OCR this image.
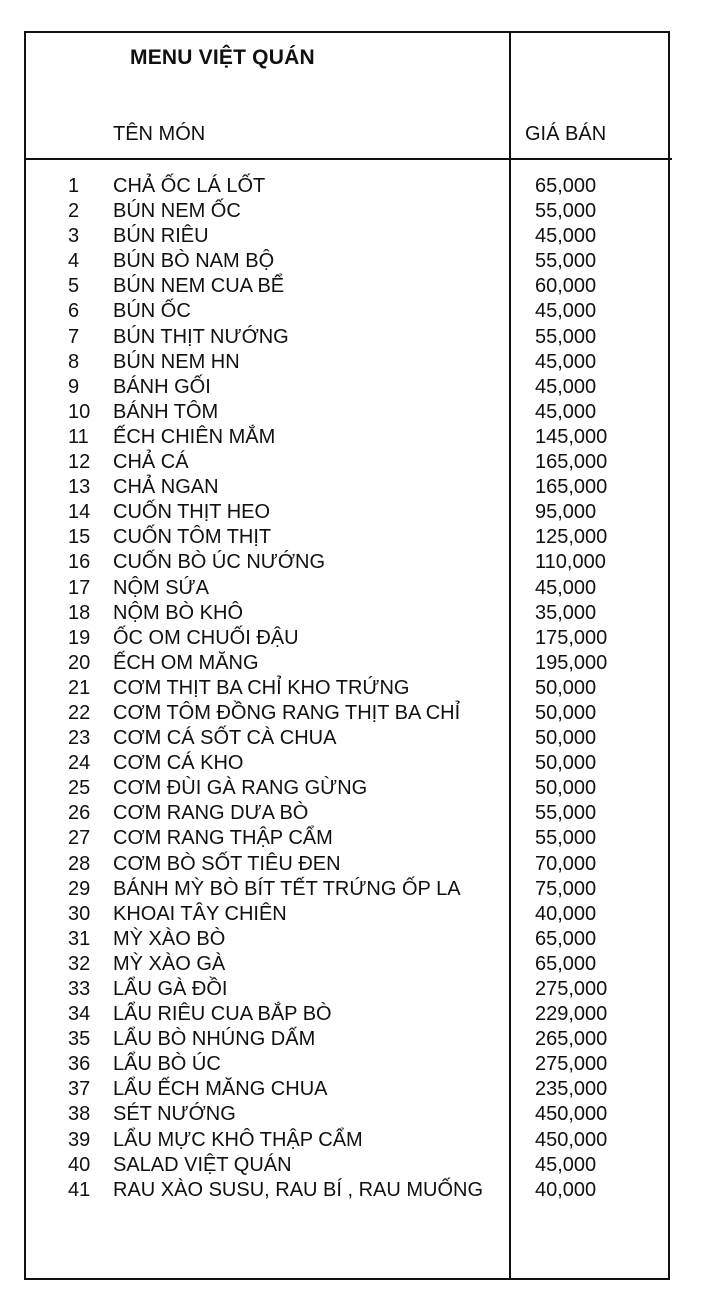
MENU VIỆT QUÁN
TÊN MÓN	GIÁ BÁN
1 CHẢ ỐC LÁ LỐT	65,000
2 BÚN NEM ỐC	55,000
3 BÚN RIÊU	45,000
4 BÚN BÒ NAM BỘ	55,000
5 BÚN NEM CUA BỂ	60,000
6 BÚN ỐC	45,000
7 BÚN THỊT NƯỚNG	55,000
8 BÚN NEM HN	45,000
9 BÁNH GỐI	45,000
10 BÁNH TÔM	45,000
11 ẾCH CHIÊN MẮM	145,000
12 CHẢ CÁ	165,000
13 CHẢ NGAN	165,000
14 CUỐN THỊT HEO	95,000
15 CUỐN TÔM THỊT	125,000
16 CUỐN BÒ ÚC NƯỚNG	110,000
17 NỘM SỨA	45,000
18 NỘM BÒ KHÔ	35,000
19 ỐC OM CHUỐI ĐẬU	175,000
20 ẾCH OM MĂNG	195,000
21 CƠM THỊT BA CHỈ KHO TRỨNG	50,000
22 CƠM TÔM ĐỒNG RANG THỊT BA CHỈ	50,000
23 CƠM CÁ SỐT CÀ CHUA	50,000
24 CƠM CÁ KHO	50,000
25 CƠM ĐÙI GÀ RANG GỪNG	50,000
26 CƠM RANG DƯA BÒ	55,000
27 CƠM RANG THẬP CẨM	55,000
28 CƠM BÒ SỐT TIÊU ĐEN	70,000
29 BÁNH MỲ BÒ BÍT TẾT TRỨNG ỐP LA	75,000
30 KHOAI TÂY CHIÊN	40,000
31 MỲ XÀO BÒ	65,000
32 MỲ XÀO GÀ	65,000
33 LẨU GÀ ĐỒI	275,000
34 LẨU RIÊU CUA BẮP BÒ	229,000
35 LẨU BÒ NHÚNG DẤM	265,000
36 LẨU BÒ ÚC	275,000
37 LẨU ẾCH MĂNG CHUA	235,000
38 SÉT NƯỚNG	450,000
39 LẨU MỰC KHÔ THẬP CẨM	450,000
40 SALAD VIỆT QUÁN	45,000
41 RAU XÀO SUSU, RAU BÍ , RAU MUỐNG	40,000
